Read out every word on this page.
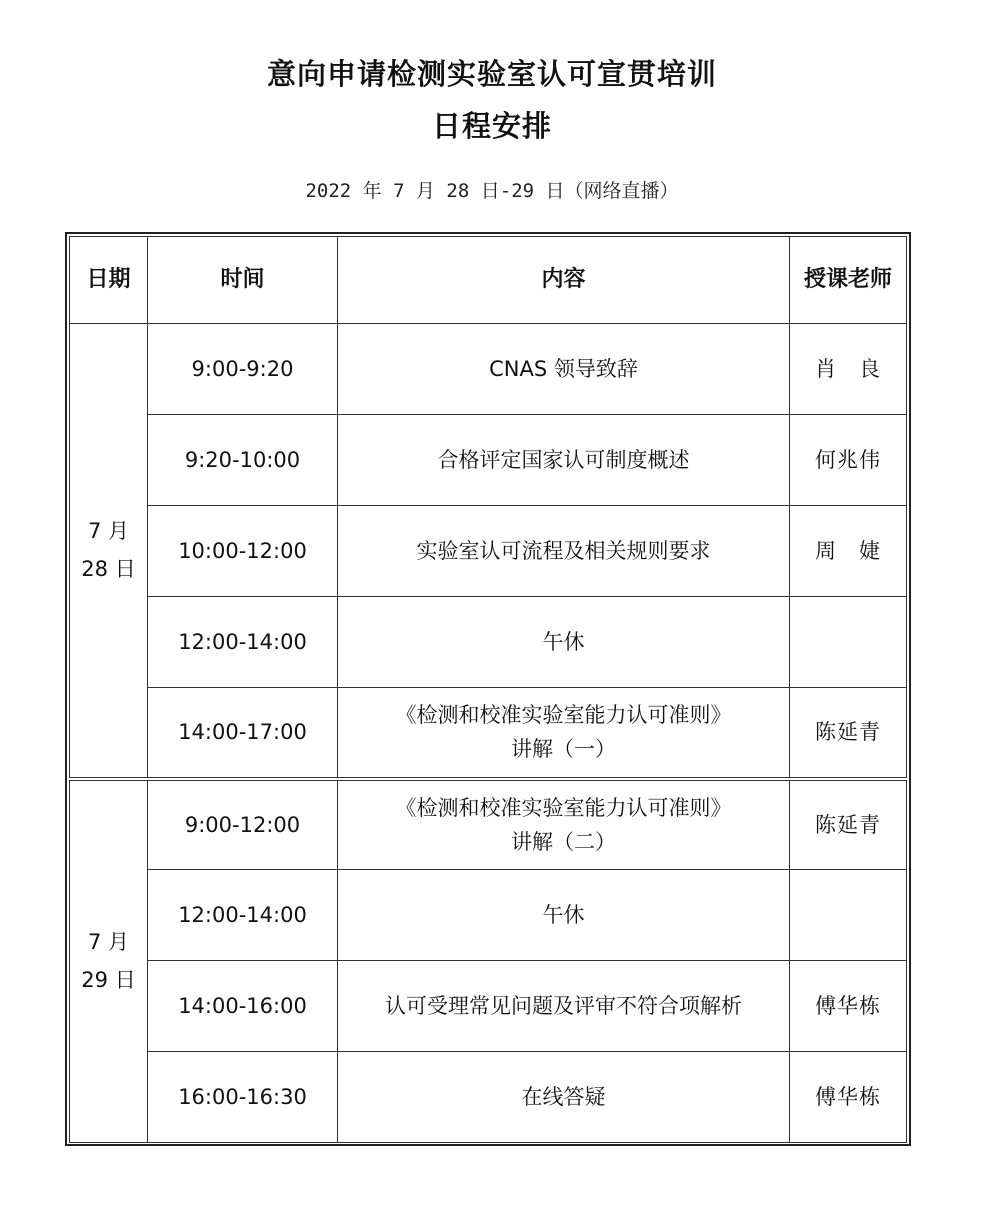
意向申请检测实验室认可宣贯培训
日程安排
2022 年 7 月 28 日-29 日（网络直播）
日期	时间	内容	授课老师
7 月
28 日	9:00-9:20	CNAS 领导致辞	肖　良
	9:20-10:00	合格评定国家认可制度概述	何兆伟
	10:00-12:00	实验室认可流程及相关规则要求	周　婕
	12:00-14:00	午休	
	14:00-17:00	《检测和校准实验室能力认可准则》
讲解（一）	陈延青
7 月
29 日	9:00-12:00	《检测和校准实验室能力认可准则》
讲解（二）	陈延青
	12:00-14:00	午休	
	14:00-16:00	认可受理常见问题及评审不符合项解析	傅华栋
	16:00-16:30	在线答疑	傅华栋
